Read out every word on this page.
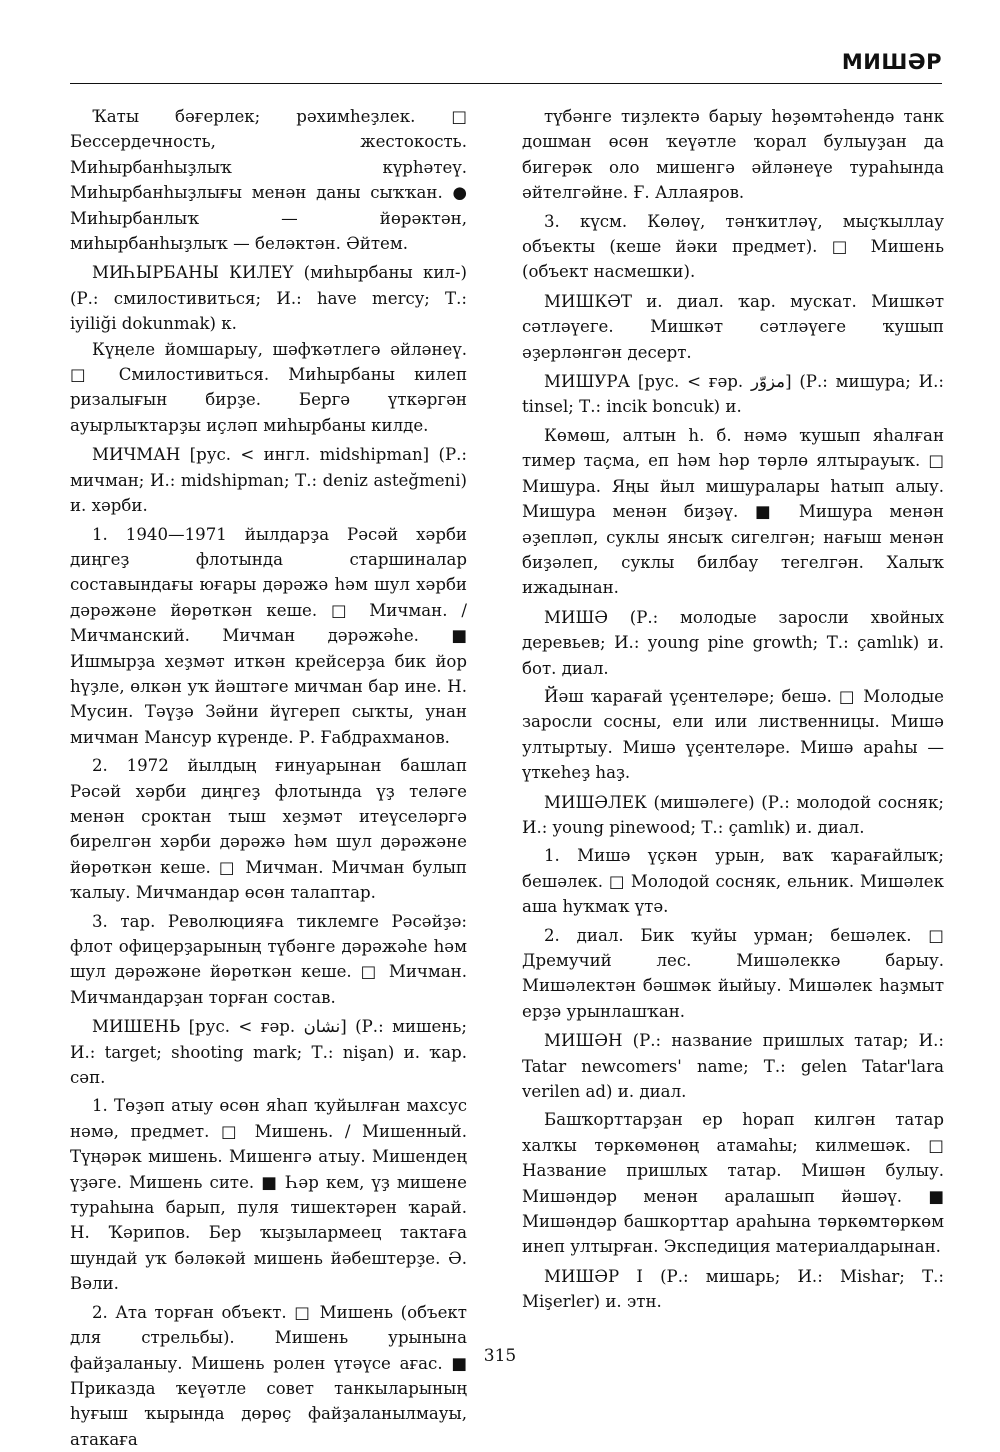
МИШӘР

Ҡаты бәғерлек; рәхимһеҙлек. □ Бессердечность, жестокость. Миһырбанһыҙлыҡ күрһәтеү. Миһырбанһыҙлығы менән даны сыҡҡан. ● Миһырбанлыҡ — йөрәктән, миһырбанһыҙлыҡ — беләктән. Әйтем.

МИҺЫРБАНЫ КИЛЕҮ (миһырбаны кил-) (Р.: смилостивиться; И.: have mercy; Т.: iyiliği dokunmak) к.

Күңеле йомшарыу, шәфҡәтлегә әйләнеү. □ Смилостивиться. Миһырбаны килеп ризалығын бирҙе. Бергә үткәргән ауырлыҡтарҙы иҫләп миһырбаны килде.

МИЧМАН [рус. < ингл. midshipman] (Р.: мичман; И.: midshipman; Т.: deniz asteğmeni) и. хәрби.

1. 1940—1971 йылдарҙа Рәсәй хәрби диңгеҙ флотында старшиналар составындағы юғары дәрәжә һәм шул хәрби дәрәжәне йөрөткән кеше. □ Мичман. / Мичманский. Мичман дәрәжәһе. ■ Ишмырҙа хеҙмәт иткән крейсерҙа бик йор һүҙле, өлкән уҡ йәштәге мичман бар ине. Н. Мусин. Тәүҙә Зәйни йүгереп сыҡты, унан мичман Мансур күренде. Р. Ғабдрахманов.

2. 1972 йылдың ғинуарынан башлап Рәсәй хәрби диңгеҙ флотында үҙ теләге менән сроктан тыш хеҙмәт итеүселәргә бирелгән хәрби дәрәжә һәм шул дәрәжәне йөрөткән кеше. □ Мичман. Мичман булып ҡалыу. Мичмандар өсөн талаптар.

3. тар. Революцияға тиклемге Рәсәйҙә: флот офицерҙарының түбәнге дәрәжәһе һәм шул дәрәжәне йөрөткән кеше. □ Мичман. Мичмандарҙан торған состав.

МИШЕНЬ [рус. < ғәр. نشان] (Р.: мишень; И.: target; shooting mark; Т.: nişan) и. ҡар. сәп.

1. Төҙәп атыу өсөн яһап ҡуйылған махсус нәмә, предмет. □ Мишень. / Мишенный. Түңәрәк мишень. Мишенгә атыу. Мишендең үҙәге. Мишень сите. ■ Һәр кем, үҙ мишене тураһына барып, пуля тишектәрен ҡарай. Н. Ҡәрипов. Бер ҡыҙылармеец тактаға шундай уҡ бәләкәй мишень йәбештерҙе. Ә. Вәли.

2. Ата торған объект. □ Мишень (объект для стрельбы). Мишень урынына файҙаланыу. Мишень ролен үтәүсе ағас. ■ Приказда ҡеүәтле совет танкыларының һуғыш ҡырында дөрөҫ файҙаланылмауы, атакаға

түбәнге тиҙлектә барыу һөҙөмтәһендә танк дошман өсөн ҡеүәтле ҡорал булыуҙан да бигерәк оло мишенгә әйләнеүе тураһында әйтелгәйне. Ғ. Аллаяров.

3. күсм. Көлөү, тәнҡитләү, мыҫҡыллау объекты (кеше йәки предмет). □ Мишень (объект насмешки).

МИШКӘТ и. диал. ҡар. мускат. Мишкәт сәтләүеге. Мишкәт сәтләүеге ҡушып әҙерләнгән десерт.

МИШУРА [рус. < ғәр. مزوّر] (Р.: мишура; И.: tinsel; Т.: incik boncuk) и.

Көмөш, алтын һ. б. нәмә ҡушып яһалған тимер таҫма, еп һәм һәр төрлө ялтырауыҡ. □ Мишура. Яңы йыл мишуралары һатып алыу. Мишура менән биҙәү. ■ Мишура менән әҙепләп, суклы янсыҡ сигелгән; нағыш менән биҙәлеп, суклы билбау тегелгән. Халыҡ ижадынан.

МИШӘ (Р.: молодые заросли хвойных деревьев; И.: young pine growth; Т.: çamlık) и. бот. диал.

Йәш ҡарағай үҫентеләре; бешә. □ Молодые заросли сосны, ели или лиственницы. Мишә ултыртыу. Мишә үҫентеләре. Мишә араһы — үткеһеҙ һаҙ.

МИШӘЛЕК (мишәлеге) (Р.: молодой сосняк; И.: young pinewood; Т.: çamlık) и. диал.

1. Мишә үҫкән урын, ваҡ ҡарағайлыҡ; бешәлек. □ Молодой сосняк, ельник. Мишәлек аша һуҡмаҡ үтә.

2. диал. Бик ҡуйы урман; бешәлек. □ Дремучий лес. Мишәлеккә барыу. Мишәлектән бәшмәк йыйыу. Мишәлек һаҙмыт ерҙә урынлашҡан.

МИШӘН (Р.: название пришлых татар; И.: Tatar newcomers' name; Т.: gelen Tatar'lara verilen ad) и. диал.

Башҡорттарҙан ер һорап килгән татар халҡы төркөмөнөң атамаһы; килмешәк. □ Название пришлых татар. Мишән булыу. Мишәндәр менән аралашып йәшәү. ■ Мишәндәр башкорттар араһына төркөмтөркөм инеп ултырған. Экспедиция материалдарынан.

МИШӘР I (Р.: мишарь; И.: Mishar; Т.: Mişerler) и. этн.

315
